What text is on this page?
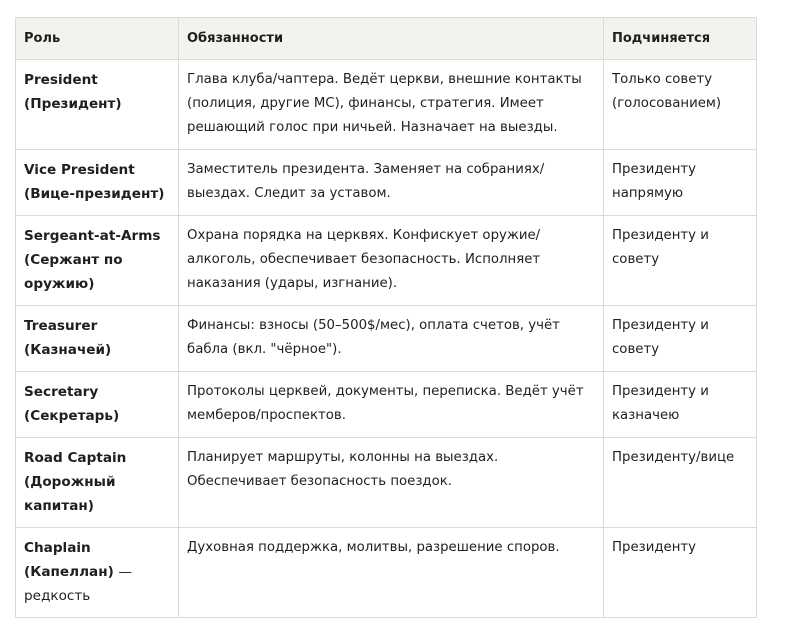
Роль	Обязанности	Подчиняется
President (Президент)	Глава клуба/чаптера. Ведёт церкви, внешние контакты (полиция, другие МС), финансы, стратегия. Имеет решающий голос при ничьей. Назначает на выезды.	Только совету (голосованием)
Vice President (Вице-президент)	Заместитель президента. Заменяет на собраниях/выездах. Следит за уставом.	Президенту напрямую
Sergeant-at-Arms (Сержант по оружию)	Охрана порядка на церквях. Конфискует оружие/алкоголь, обеспечивает безопасность. Исполняет наказания (удары, изгнание).	Президенту и совету
Treasurer (Казначей)	Финансы: взносы (50–500$/мес), оплата счетов, учёт бабла (вкл. "чёрное").	Президенту и совету
Secretary (Секретарь)	Протоколы церквей, документы, переписка. Ведёт учёт мемберов/проспектов.	Президенту и казначею
Road Captain (Дорожный капитан)	Планирует маршруты, колонны на выездах. Обеспечивает безопасность поездок.	Президенту/вице
Chaplain (Капеллан) — редкость	Духовная поддержка, молитвы, разрешение споров.	Президенту
